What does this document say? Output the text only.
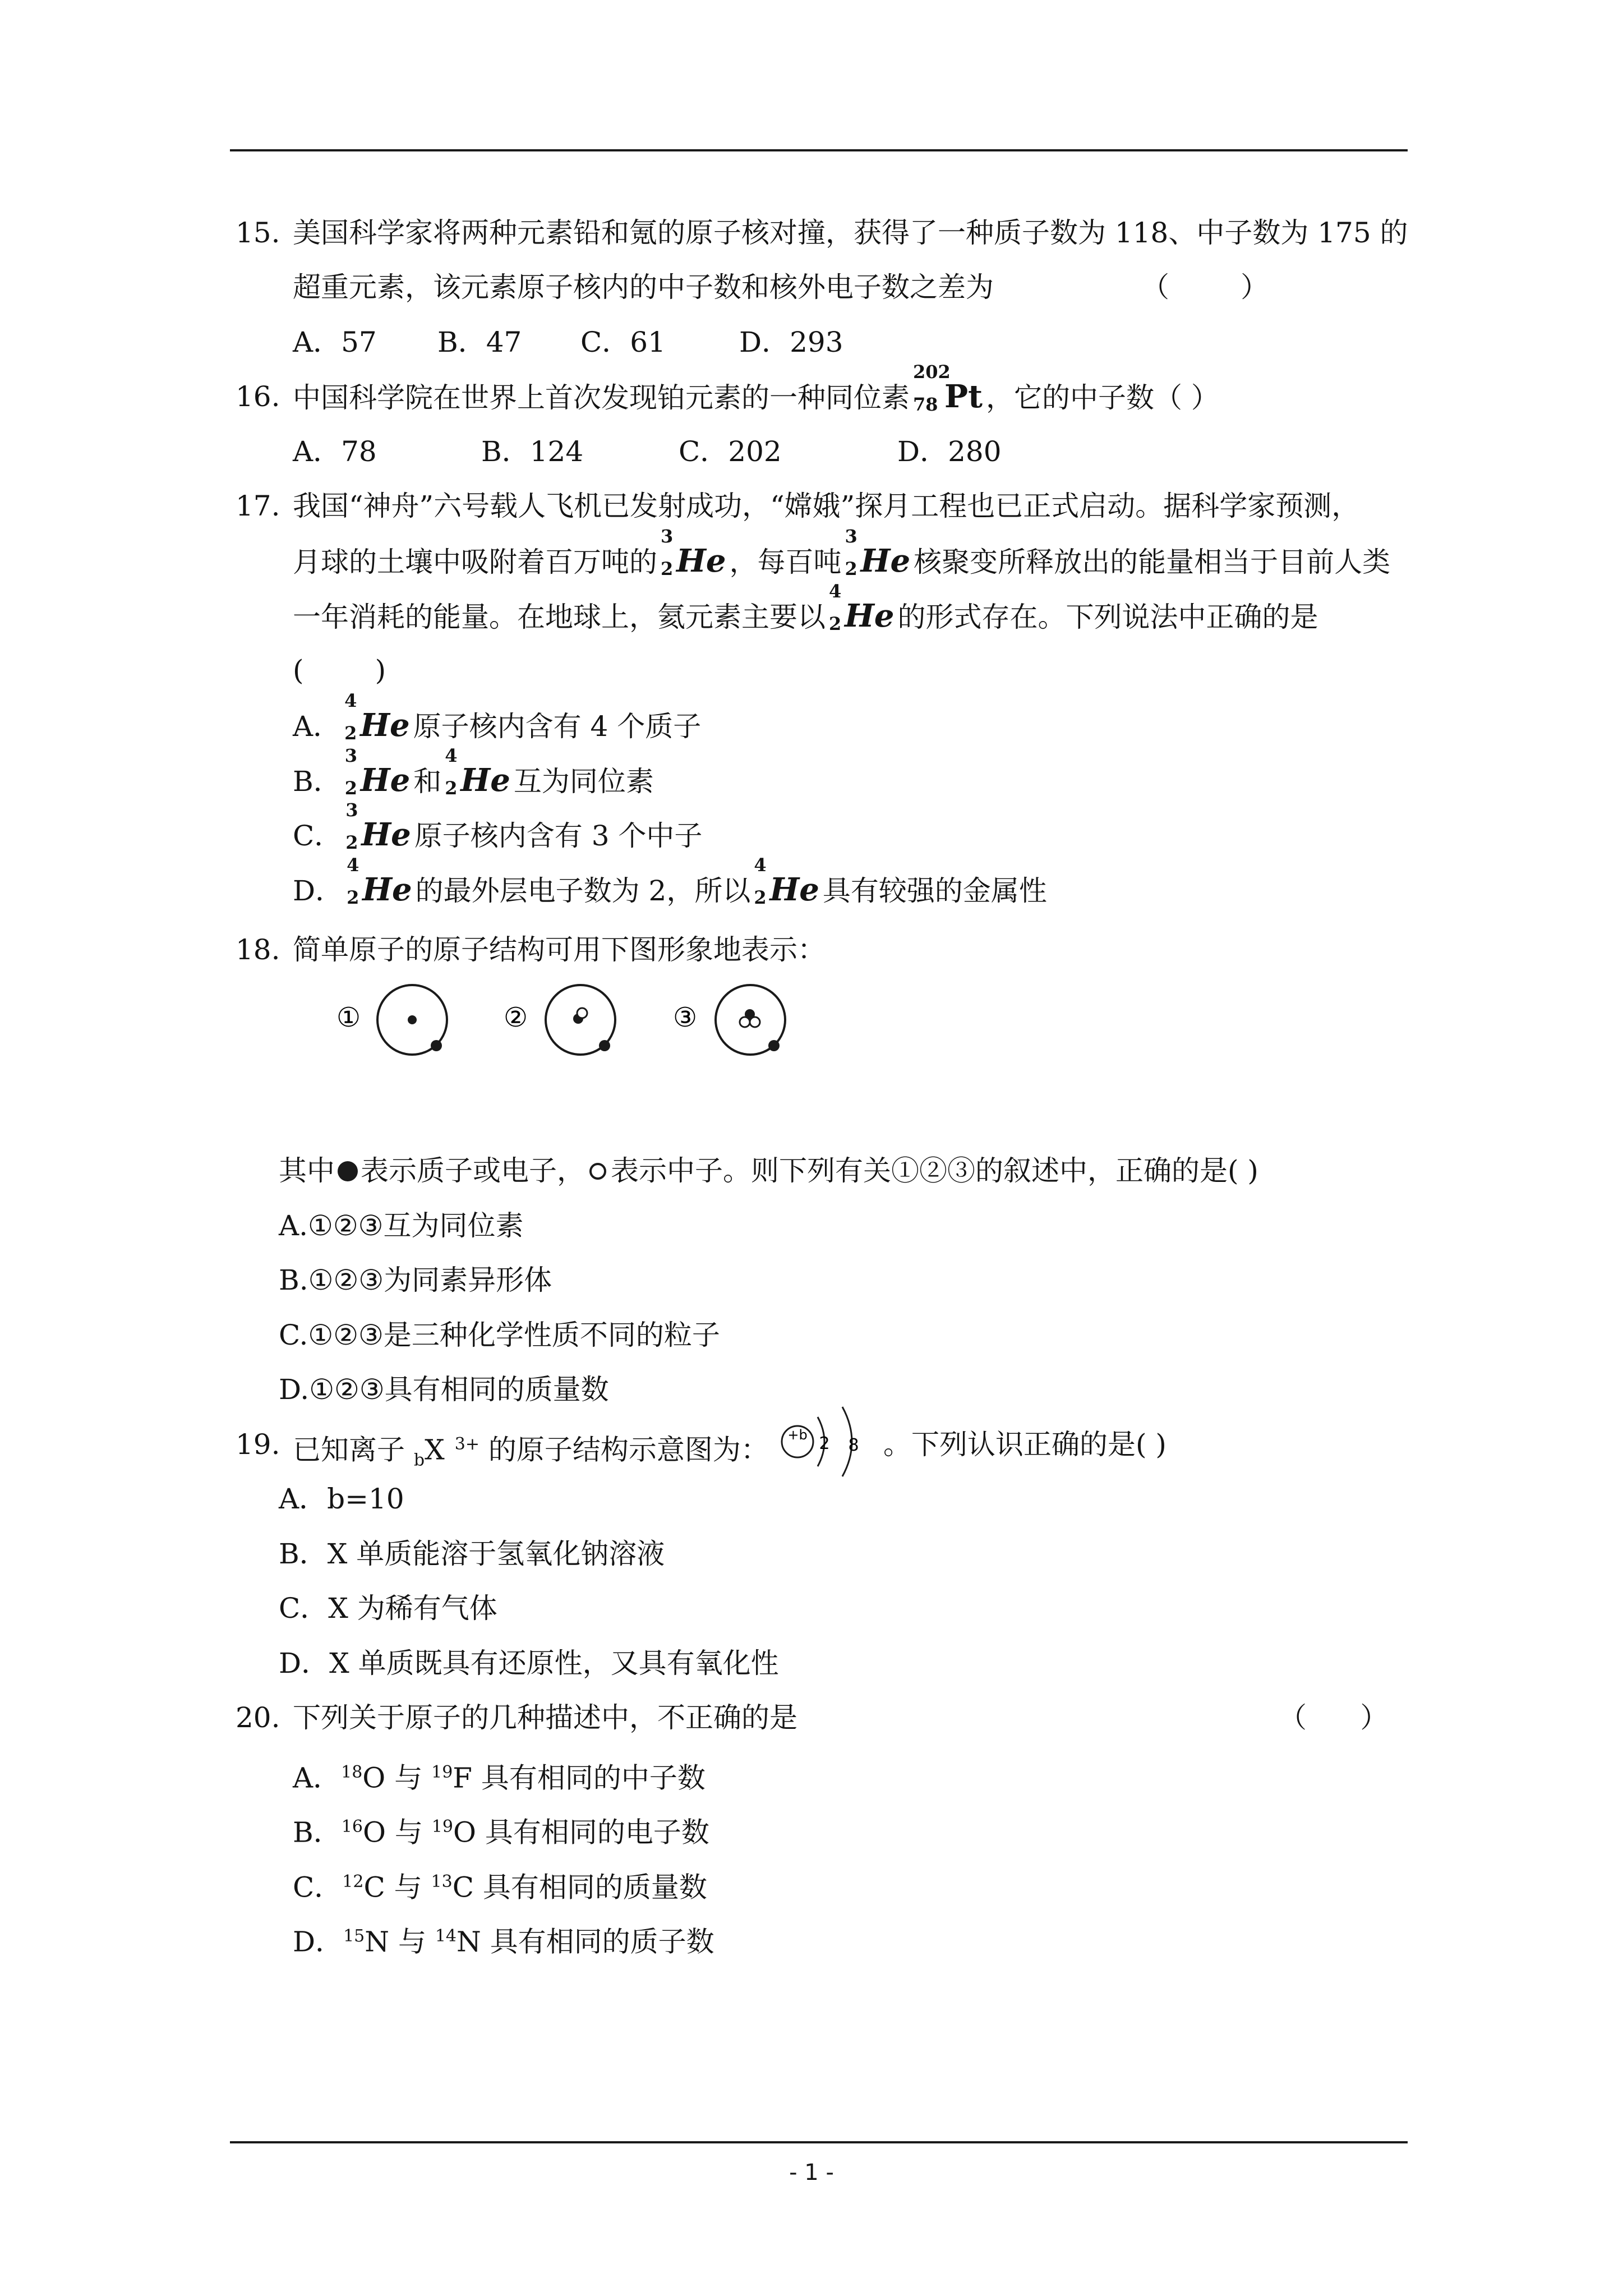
15. 美国科学家将两种元素铅和氪的原子核对撞，获得了一种质子数为 118、中子数为 175 的
超重元素，该元素原子核内的中子数和核外电子数之差为	（        ）
A．57 B．47 C．61	D．293
16. 中国科学院在世界上首次发现铂元素的一种同位素
202
78 Pt ，它的中子数（ ）
A．78	B．124	C．202	D．280
17. 我国“神舟”六号载人飞机已发射成功，“嫦娥”探月工程也已正式启动。据科学家预测，
月球的土壤中吸附着百万吨的
3
2 He ，每百吨
3
2 He 核聚变所释放出的能量相当于目前人类
一年消耗的能量。在地球上，氦元素主要以
4
2 He 的形式存在。下列说法中正确的是
(        )
A．
4
2 He 原子核内含有 4 个质子
B．
3
2 He 和
4
2 He 互为同位素
C．
3
2 He 原子核内含有 3 个中子
D．
4
2 He 的最外层电子数为 2，所以
4
2 He 具有较强的金属性
18. 简单原子的原子结构可用下图形象地表示：
①	②	③
其中 表示质子或电子， 表示中子。则下列有关①②③的叙述中，正确的是( )
A.①②③互为同位素
B.①②③为同素异形体
C.①②③是三种化学性质不同的粒子
D.①②③具有相同的质量数
19. 已知离子 $_b$X $^{3+}$ 的原子结构示意图为： +b 2 8 。下列认识正确的是( )
A．b=10
B．X 单质能溶于氢氧化钠溶液
C．X 为稀有气体
D．X 单质既具有还原性，又具有氧化性
20. 下列关于原子的几种描述中，不正确的是	（      ）
A．$^{18}$O 与 $^{19}$F 具有相同的中子数
B．$^{16}$O 与 $^{19}$O 具有相同的电子数
C．$^{12}$C 与 $^{13}$C 具有相同的质量数
D．$^{15}$N 与 $^{14}$N 具有相同的质子数
- 1 -
